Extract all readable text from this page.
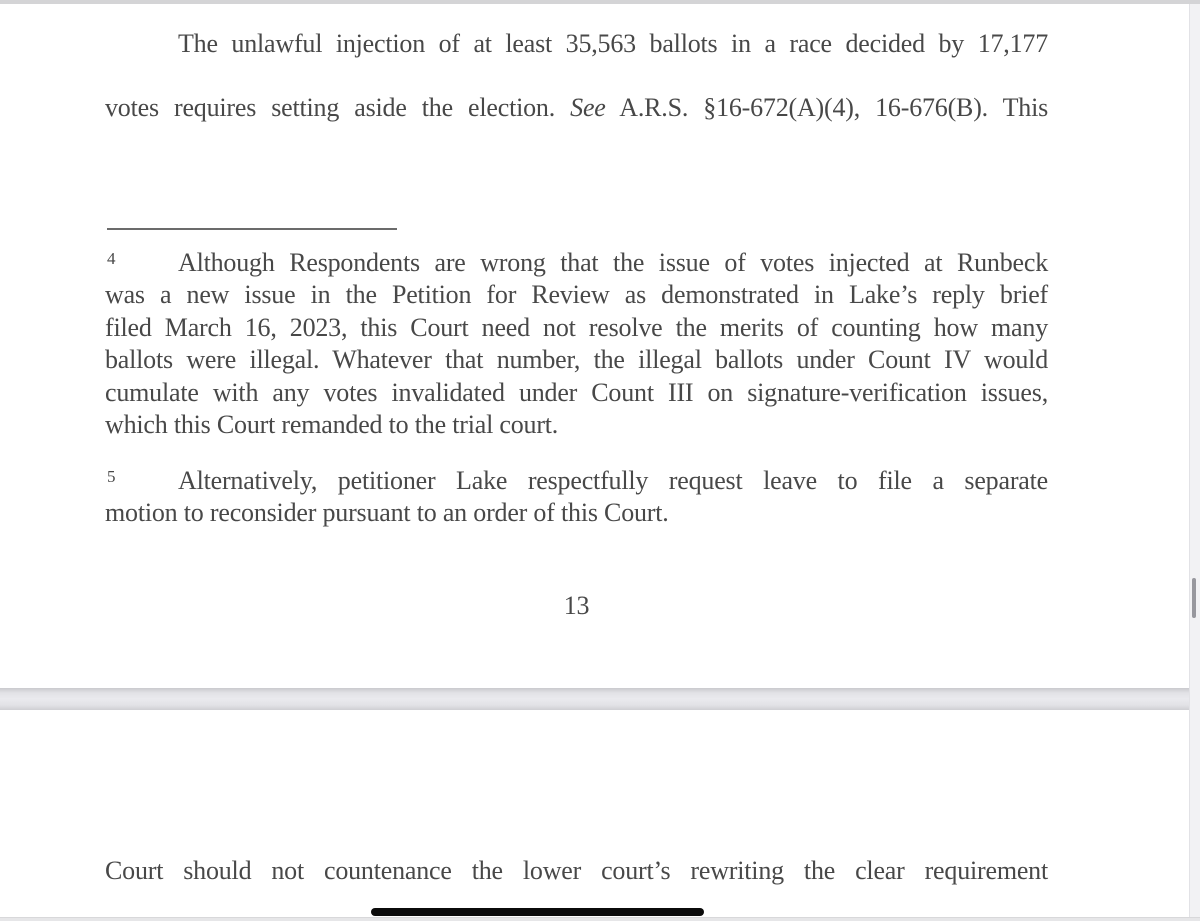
The unlawful injection of at least 35,563 ballots in a race decided by 17,177
votes requires setting aside the election. See A.R.S. §16-672(A)(4), 16-676(B). This
4 Although Respondents are wrong that the issue of votes injected at Runbeck
was a new issue in the Petition for Review as demonstrated in Lake’s reply brief
filed March 16, 2023, this Court need not resolve the merits of counting how many
ballots were illegal. Whatever that number, the illegal ballots under Count IV would
cumulate with any votes invalidated under Count III on signature-verification issues,
which this Court remanded to the trial court.
5 Alternatively, petitioner Lake respectfully request leave to file a separate
motion to reconsider pursuant to an order of this Court.
13
Court should not countenance the lower court’s rewriting the clear requirement
